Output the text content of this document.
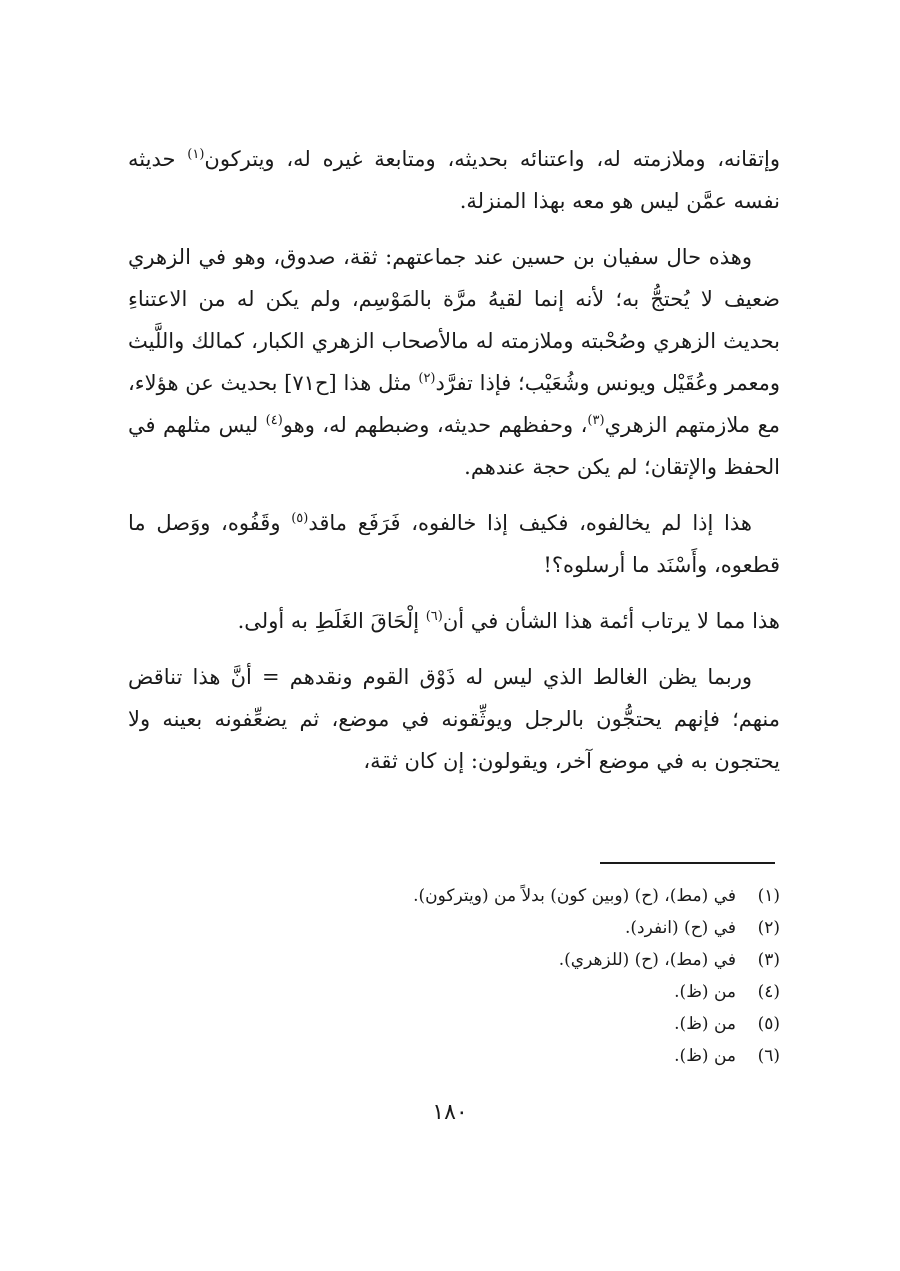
وإتقانه، وملازمته له، واعتنائه بحديثه، ومتابعة غيره له، ويتركون$^{(١)}$ حديثه نفسه عمَّن ليس هو معه بهذا المنزلة.

وهذه حال سفيان بن حسين عند جماعتهم: ثقة، صدوق، وهو في الزهري ضعيف لا يُحتجُّ به؛ لأنه إنما لقيهُ مرَّة بالمَوْسِم، ولم يكن له من الاعتناءِ بحديث الزهري وصُحْبته وملازمته له مالأصحاب الزهري الكبار، كمالك واللَّيث ومعمر وعُقَيْل ويونس وشُعَيْب؛ فإذا تفرَّد$^{(٢)}$ مثل هذا [ح٧١] بحديث عن هؤلاء، مع ملازمتهم الزهري$^{(٣)}$، وحفظهم حديثه، وضبطهم له، وهو$^{(٤)}$ ليس مثلهم في الحفظ والإتقان؛ لم يكن حجة عندهم.

هذا إذا لم يخالفوه، فكيف إذا خالفوه، فَرَفَع ماقد$^{(٥)}$ وقَفُوه، ووَصل ما قطعوه، وأَسْنَد ما أرسلوه؟!

هذا مما لا يرتاب أئمة هذا الشأن في أن$^{(٦)}$ إلْحَاقَ الغَلَطِ به أولى.

وربما يظن الغالط الذي ليس له ذَوْق القوم ونقدهم = أنَّ هذا تناقض منهم؛ فإنهم يحتجُّون بالرجل ويوثِّقونه في موضع، ثم يضعِّفونه بعينه ولا يحتجون به في موضع آخر، ويقولون: إن كان ثقة،

(١)
في (مط)، (ح) (وبين كون) بدلاً من (ويتركون).
(٢)
في (ح) (انفرد).
(٣)
في (مط)، (ح) (للزهري).
(٤)
من (ظ).
(٥)
من (ظ).
(٦)
من (ظ).
١٨٠
